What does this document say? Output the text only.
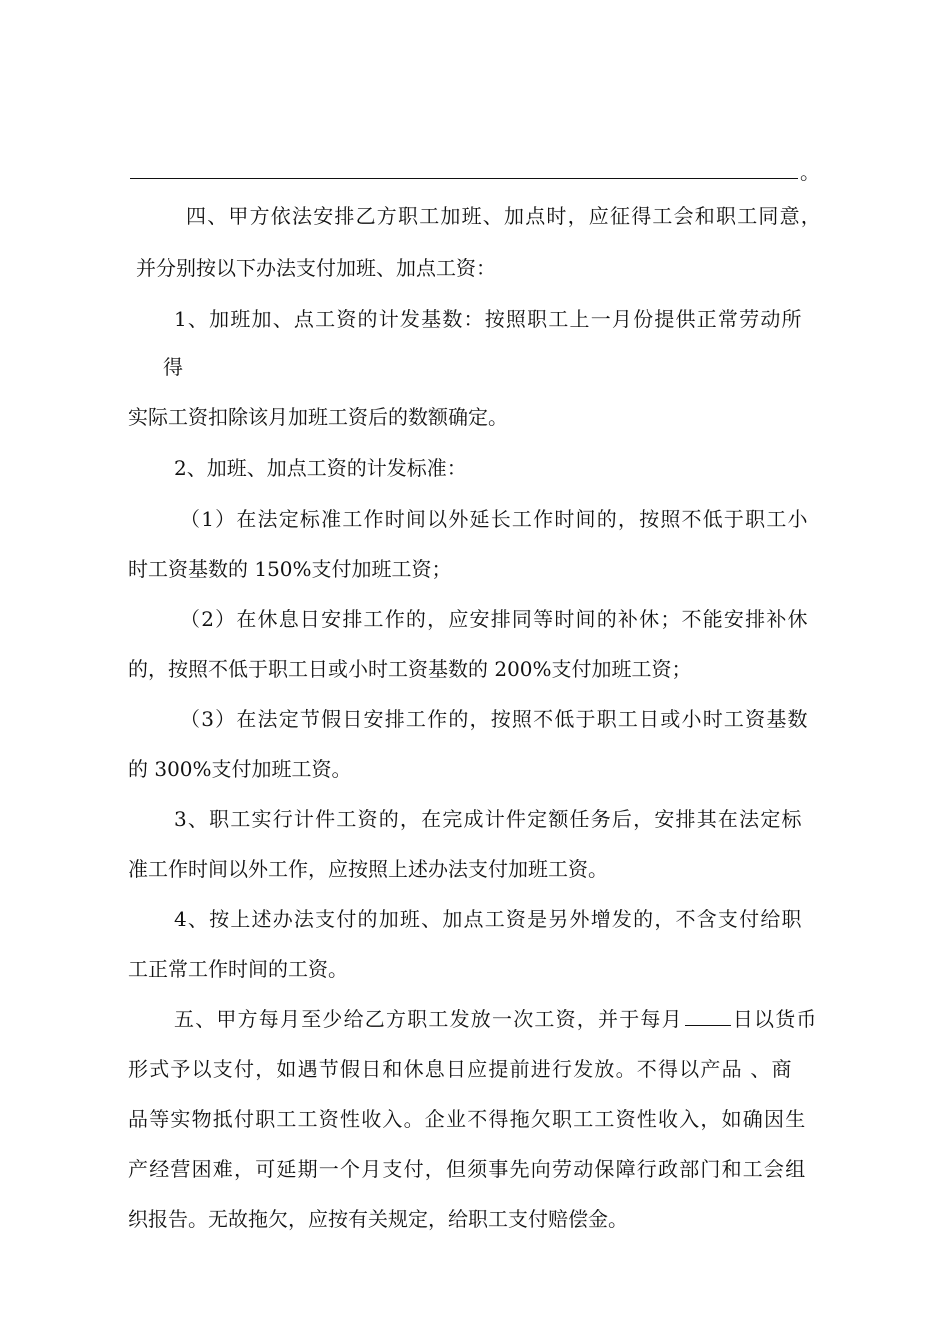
。
四、甲方依法安排乙方职工加班、加点时，应征得工会和职工同意，
并分别按以下办法支付加班、加点工资：
1、加班加、点工资的计发基数：按照职工上一月份提供正常劳动所
得
实际工资扣除该月加班工资后的数额确定。
2、加班、加点工资的计发标准：
（1）在法定标准工作时间以外延长工作时间的，按照不低于职工小
时工资基数的 150%支付加班工资；
（2）在休息日安排工作的，应安排同等时间的补休；不能安排补休
的，按照不低于职工日或小时工资基数的 200%支付加班工资；
（3）在法定节假日安排工作的，按照不低于职工日或小时工资基数
的 300%支付加班工资。
3、职工实行计件工资的，在完成计件定额任务后，安排其在法定标
准工作时间以外工作，应按照上述办法支付加班工资。
4、按上述办法支付的加班、加点工资是另外增发的，不含支付给职
工正常工作时间的工资。
五、甲方每月至少给乙方职工发放一次工资，并于每月	日以货币
形式予以支付，如遇节假日和休息日应提前进行发放。不得以产品 、商
品等实物抵付职工工资性收入。企业不得拖欠职工工资性收入，如确因生
产经营困难，可延期一个月支付，但须事先向劳动保障行政部门和工会组
织报告。无故拖欠，应按有关规定，给职工支付赔偿金。
